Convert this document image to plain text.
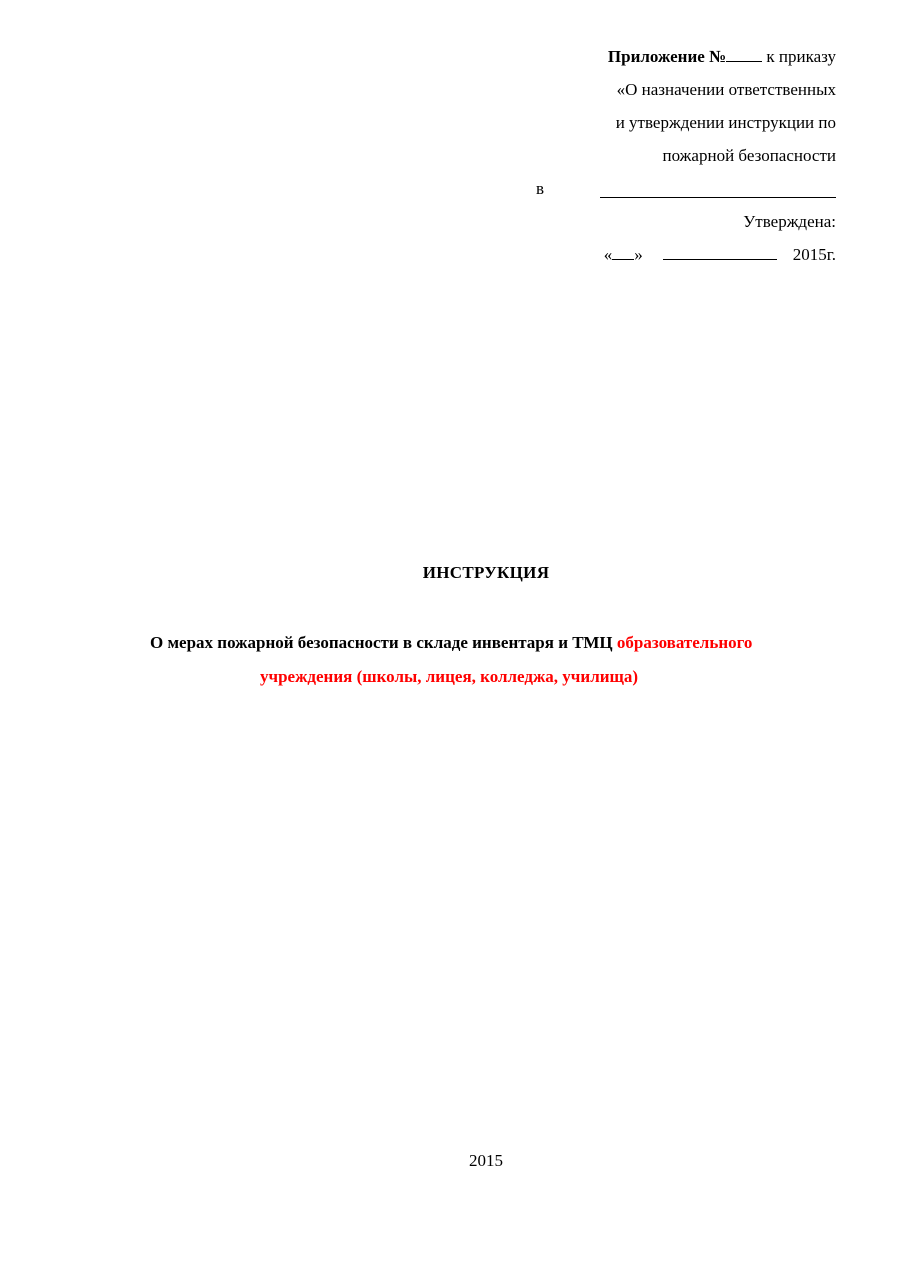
Приложение № к приказу
«О назначении ответственных
и утверждении инструкции по
пожарной безопасности
в
Утверждена:
« »	2015г.
ИНСТРУКЦИЯ
О мерах пожарной безопасности в складе инвентаря и ТМЦ образовательного
учреждения (школы, лицея, колледжа, училища)
2015
